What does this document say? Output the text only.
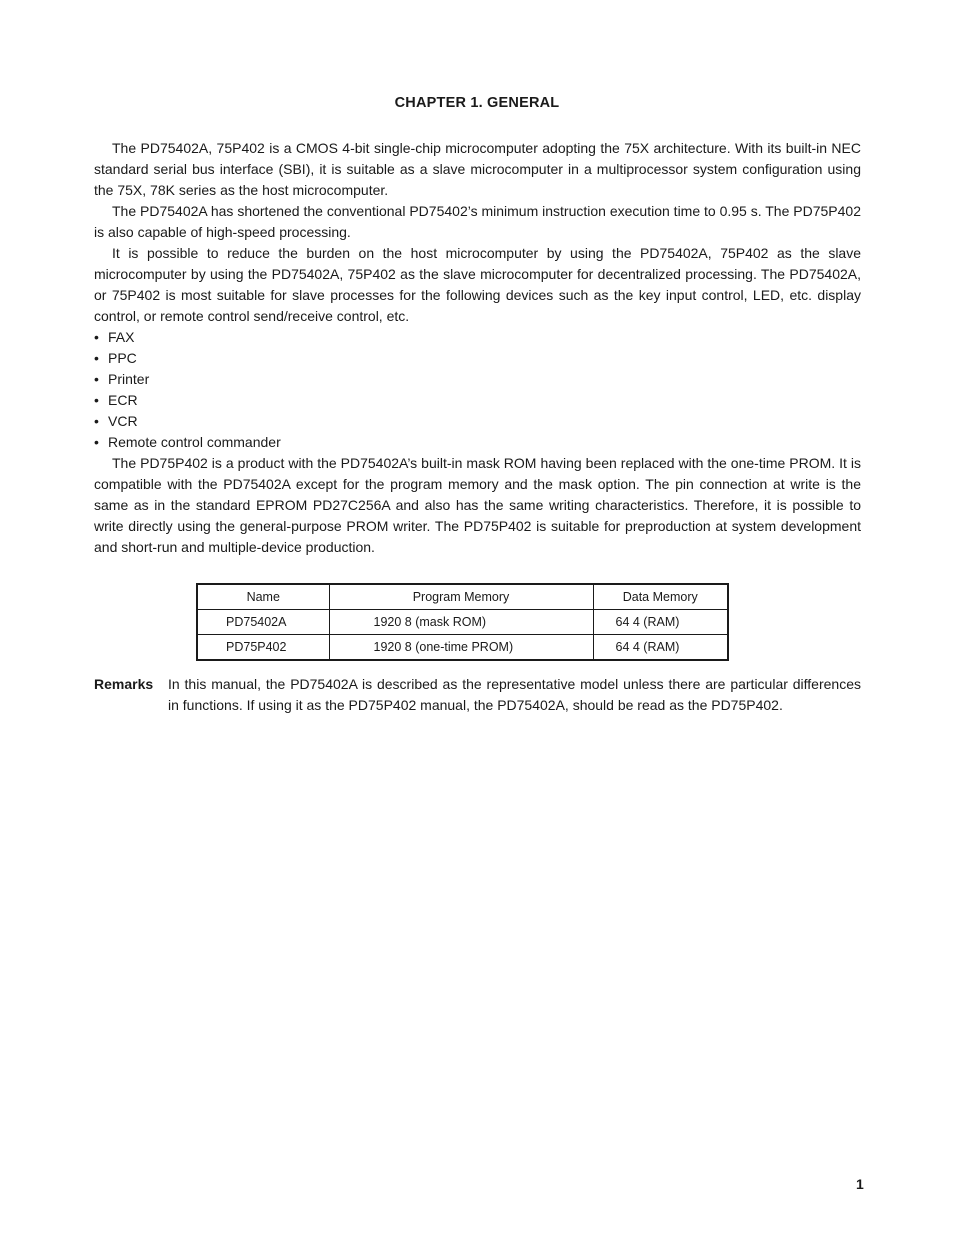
CHAPTER 1. GENERAL

The PD75402A, 75P402 is a CMOS 4-bit single-chip microcomputer adopting the 75X architecture. With its built-in NEC standard serial bus interface (SBI), it is suitable as a slave microcomputer in a multiprocessor system configuration using the 75X, 78K series as the host microcomputer.

The PD75402A has shortened the conventional PD75402’s minimum instruction execution time to 0.95 s. The PD75P402 is also capable of high-speed processing.

It is possible to reduce the burden on the host microcomputer by using the PD75402A, 75P402 as the slave microcomputer by using the PD75402A, 75P402 as the slave microcomputer for decentralized processing. The PD75402A, or 75P402 is most suitable for slave processes for the following devices such as the key input control, LED, etc. display control, or remote control send/receive control, etc.

• FAX
• PPC
• Printer
• ECR
• VCR
• Remote control commander

The PD75P402 is a product with the PD75402A’s built-in mask ROM having been replaced with the one-time PROM. It is compatible with the PD75402A except for the program memory and the mask option. The pin connection at write is the same as in the standard EPROM PD27C256A and also has the same writing characteristics. Therefore, it is possible to write directly using the general-purpose PROM writer. The PD75P402 is suitable for preproduction at system development and short-run and multiple-device production.

Name	Program Memory	Data Memory
PD75402A	1920 8 (mask ROM)	64 4 (RAM)
PD75P402	1920 8 (one-time PROM)	64 4 (RAM)
Remarks In this manual, the PD75402A is described as the representative model unless there are particular differences in functions. If using it as the PD75P402 manual, the PD75402A, should be read as the PD75P402.
1
